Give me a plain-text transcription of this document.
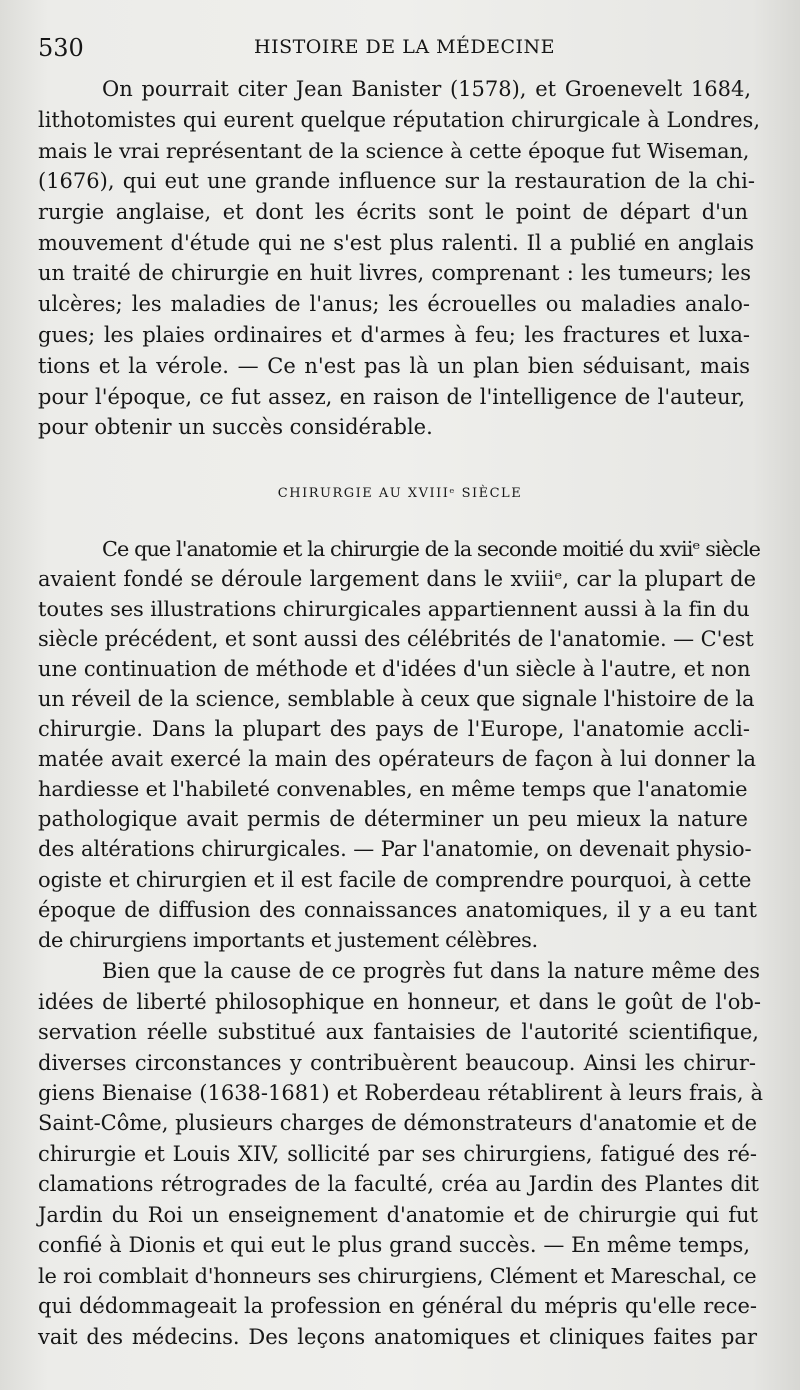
530	HISTOIRE DE LA MÉDECINE
On pourrait citer Jean Banister (1578), et Groenevelt 1684,
lithotomistes qui eurent quelque réputation chirurgicale à Londres,
mais le vrai représentant de la science à cette époque fut Wiseman,
(1676), qui eut une grande influence sur la restauration de la chi-
rurgie anglaise, et dont les écrits sont le point de départ d'un
mouvement d'étude qui ne s'est plus ralenti. Il a publié en anglais
un traité de chirurgie en huit livres, comprenant : les tumeurs; les
ulcères; les maladies de l'anus; les écrouelles ou maladies analo-
gues; les plaies ordinaires et d'armes à feu; les fractures et luxa-
tions et la vérole. — Ce n'est pas là un plan bien séduisant, mais
pour l'époque, ce fut assez, en raison de l'intelligence de l'auteur,
pour obtenir un succès considérable.
Ce que l'anatomie et la chirurgie de la seconde moitié du xviiᵉ siècle
avaient fondé se déroule largement dans le xviiiᵉ, car la plupart de
toutes ses illustrations chirurgicales appartiennent aussi à la fin du
siècle précédent, et sont aussi des célébrités de l'anatomie. — C'est
une continuation de méthode et d'idées d'un siècle à l'autre, et non
un réveil de la science, semblable à ceux que signale l'histoire de la
chirurgie. Dans la plupart des pays de l'Europe, l'anatomie accli-
matée avait exercé la main des opérateurs de façon à lui donner la
hardiesse et l'habileté convenables, en même temps que l'anatomie
pathologique avait permis de déterminer un peu mieux la nature
des altérations chirurgicales. — Par l'anatomie, on devenait physio-
ogiste et chirurgien et il est facile de comprendre pourquoi, à cette
époque de diffusion des connaissances anatomiques, il y a eu tant
de chirurgiens importants et justement célèbres.
Bien que la cause de ce progrès fut dans la nature même des
idées de liberté philosophique en honneur, et dans le goût de l'ob-
servation réelle substitué aux fantaisies de l'autorité scientifique,
diverses circonstances y contribuèrent beaucoup. Ainsi les chirur-
giens Bienaise (1638-1681) et Roberdeau rétablirent à leurs frais, à
Saint-Côme, plusieurs charges de démonstrateurs d'anatomie et de
chirurgie et Louis XIV, sollicité par ses chirurgiens, fatigué des ré-
clamations rétrogrades de la faculté, créa au Jardin des Plantes dit
Jardin du Roi un enseignement d'anatomie et de chirurgie qui fut
confié à Dionis et qui eut le plus grand succès. — En même temps,
le roi comblait d'honneurs ses chirurgiens, Clément et Mareschal, ce
qui dédommageait la profession en général du mépris qu'elle rece-
vait des médecins. Des leçons anatomiques et cliniques faites par
CHIRURGIE AU XVIIIᵉ SIÈCLE
